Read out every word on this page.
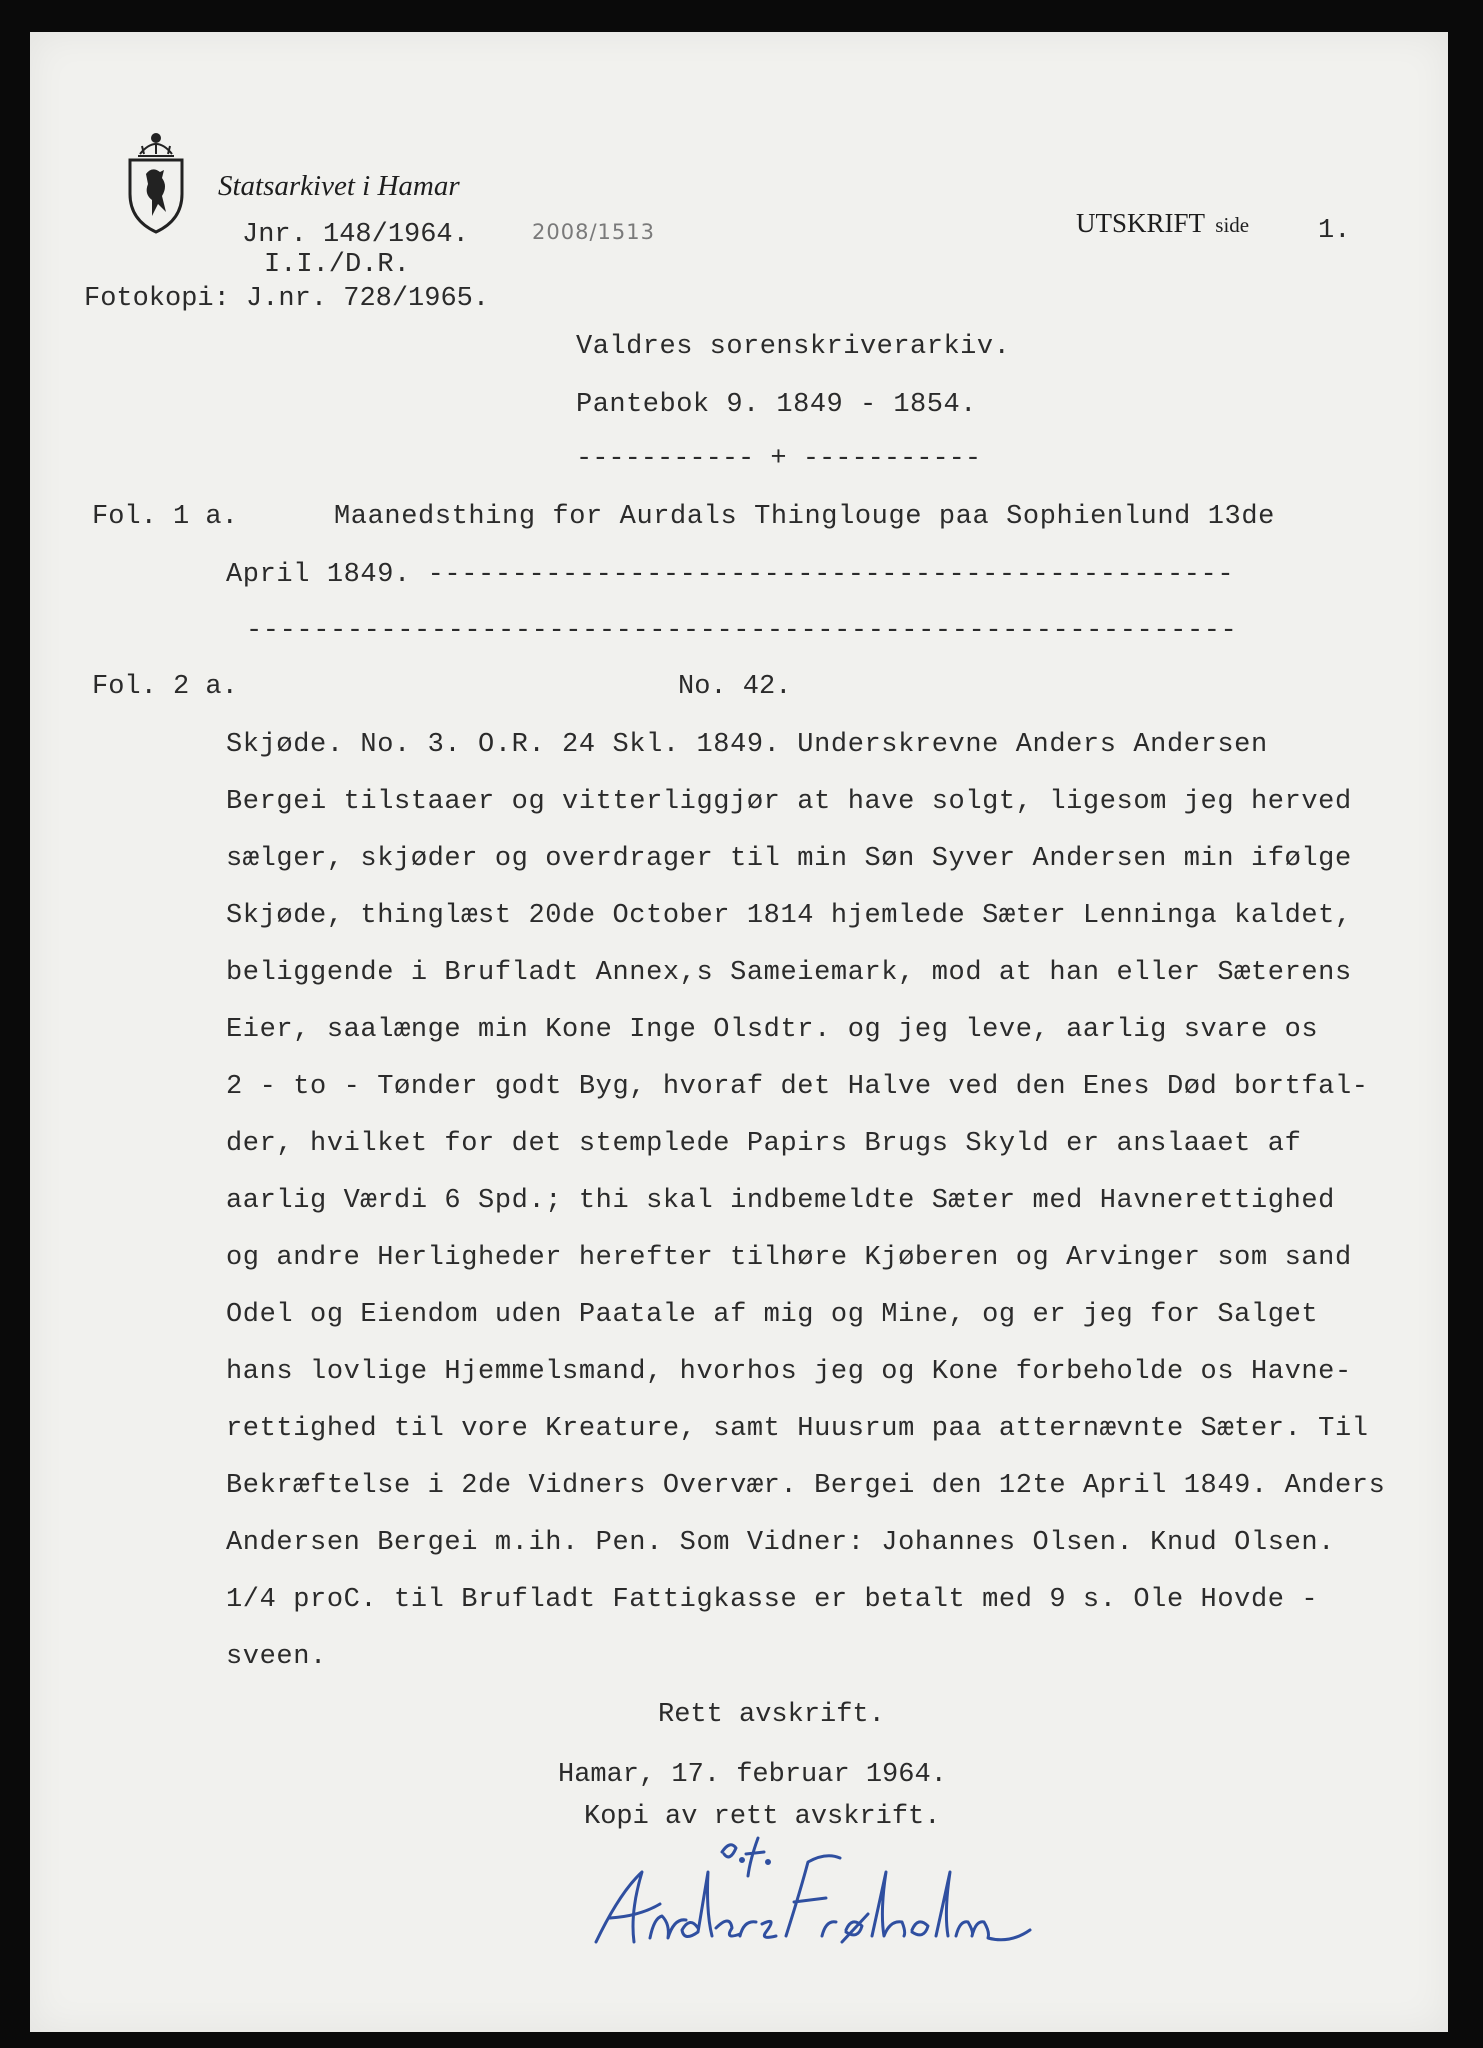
Statsarkivet i Hamar
Jnr. 148/1964.	2008/1513
I.I./D.R.
Fotokopi: J.nr. 728/1965.
UTSKRIFT side	1.
Valdres sorenskriverarkiv.
Pantebok 9. 1849 - 1854.
----------- + -----------
Fol. 1 a.	Maanedsthing for Aurdals Thinglouge paa Sophienlund 13de
April 1849. ------------------------------------------------
-----------------------------------------------------------
Fol. 2 a.	No. 42.
Skjøde. No. 3. O.R. 24 Skl. 1849. Underskrevne Anders Andersen
Bergei tilstaaer og vitterliggjør at have solgt, ligesom jeg herved
sælger, skjøder og overdrager til min Søn Syver Andersen min ifølge
Skjøde, thinglæst 20de October 1814 hjemlede Sæter Lenninga kaldet,
beliggende i Brufladt Annex,s Sameiemark, mod at han eller Sæterens
Eier, saalænge min Kone Inge Olsdtr. og jeg leve, aarlig svare os
2 - to - Tønder godt Byg, hvoraf det Halve ved den Enes Død bortfal-
der, hvilket for det stemplede Papirs Brugs Skyld er anslaaet af
aarlig Værdi 6 Spd.; thi skal indbemeldte Sæter med Havnerettighed
og andre Herligheder herefter tilhøre Kjøberen og Arvinger som sand
Odel og Eiendom uden Paatale af mig og Mine, og er jeg for Salget
hans lovlige Hjemmelsmand, hvorhos jeg og Kone forbeholde os Havne-
rettighed til vore Kreature, samt Huusrum paa atternævnte Sæter. Til
Bekræftelse i 2de Vidners Overvær. Bergei den 12te April 1849. Anders
Andersen Bergei m.ih. Pen. Som Vidner: Johannes Olsen. Knud Olsen.
1/4 proC. til Brufladt Fattigkasse er betalt med 9 s. Ole Hovde -
sveen.
Rett avskrift.
Hamar, 17. februar 1964.
Kopi av rett avskrift.
